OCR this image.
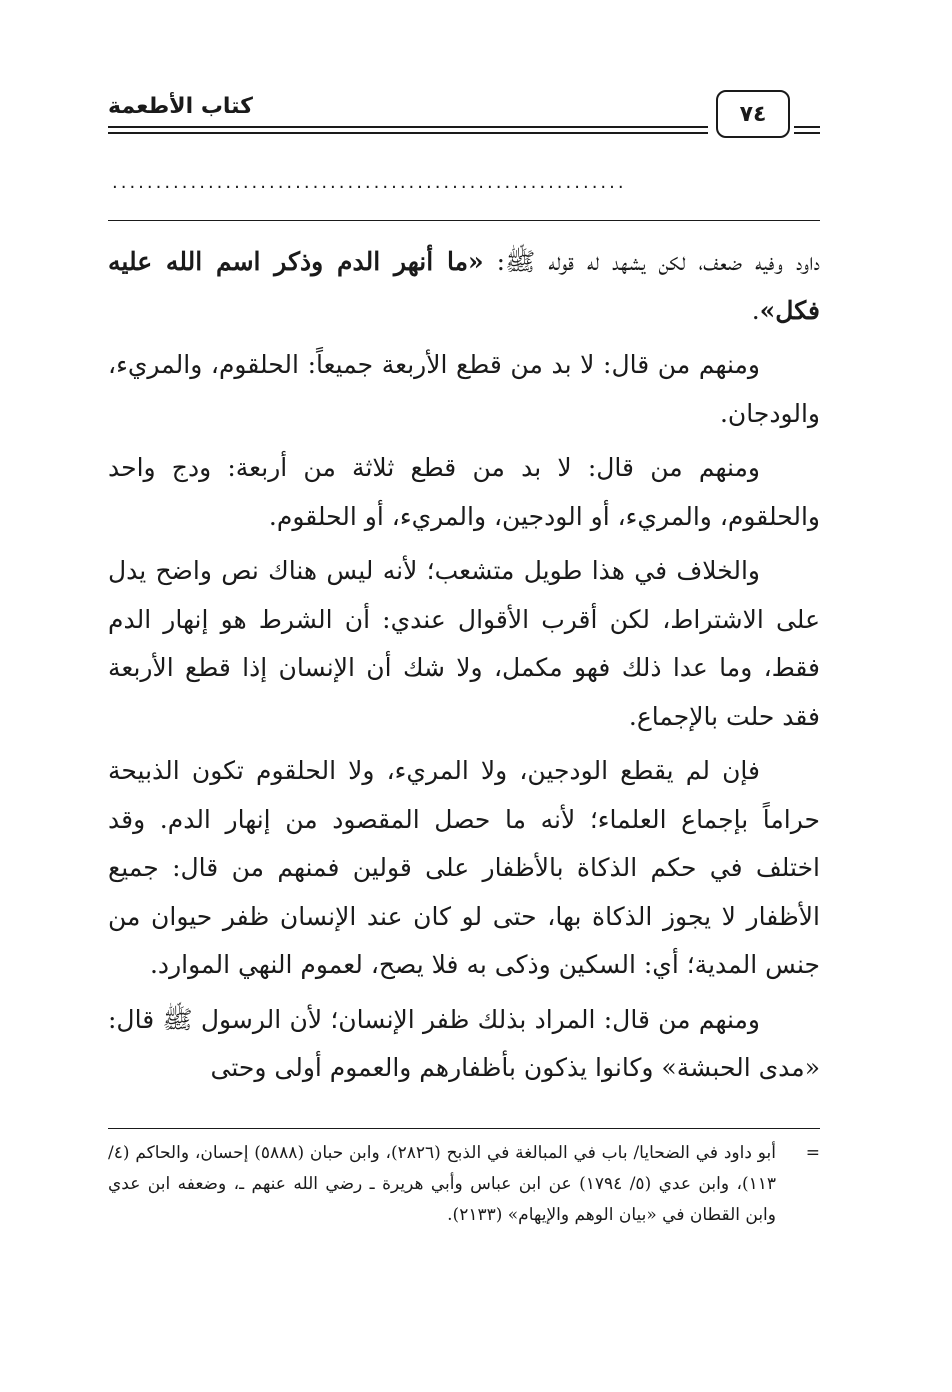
كتاب الأطعمة	٧٤
...........................................................

داود وفيه ضعف، لكن يشهد له قوله ﷺ: «ما أنهر الدم وذكر اسم الله عليه فكل».

ومنهم من قال: لا بد من قطع الأربعة جميعاً: الحلقوم، والمريء، والودجان.

ومنهم من قال: لا بد من قطع ثلاثة من أربعة: ودج واحد والحلقوم، والمريء، أو الودجين، والمريء، أو الحلقوم.

والخلاف في هذا طويل متشعب؛ لأنه ليس هناك نص واضح يدل على الاشتراط، لكن أقرب الأقوال عندي: أن الشرط هو إنهار الدم فقط، وما عدا ذلك فهو مكمل، ولا شك أن الإنسان إذا قطع الأربعة فقد حلت بالإجماع.

فإن لم يقطع الودجين، ولا المريء، ولا الحلقوم تكون الذبيحة حراماً بإجماع العلماء؛ لأنه ما حصل المقصود من إنهار الدم. وقد اختلف في حكم الذكاة بالأظفار على قولين فمنهم من قال: جميع الأظفار لا يجوز الذكاة بها، حتى لو كان عند الإنسان ظفر حيوان من جنس المدية؛ أي: السكين وذكى به فلا يصح، لعموم النهي الموارد.

ومنهم من قال: المراد بذلك ظفر الإنسان؛ لأن الرسول ﷺ قال: «مدى الحبشة» وكانوا يذكون بأظفارهم والعموم أولى وحتى

=
أبو داود في الضحايا/ باب في المبالغة في الذبح (٢٨٢٦)، وابن حبان (٥٨٨٨) إحسان، والحاكم (٤/ ١١٣)، وابن عدي (٥/ ١٧٩٤) عن ابن عباس وأبي هريرة ـ رضي الله عنهم ـ، وضعفه ابن عدي وابن القطان في «بيان الوهم والإيهام» (٢١٣٣).
